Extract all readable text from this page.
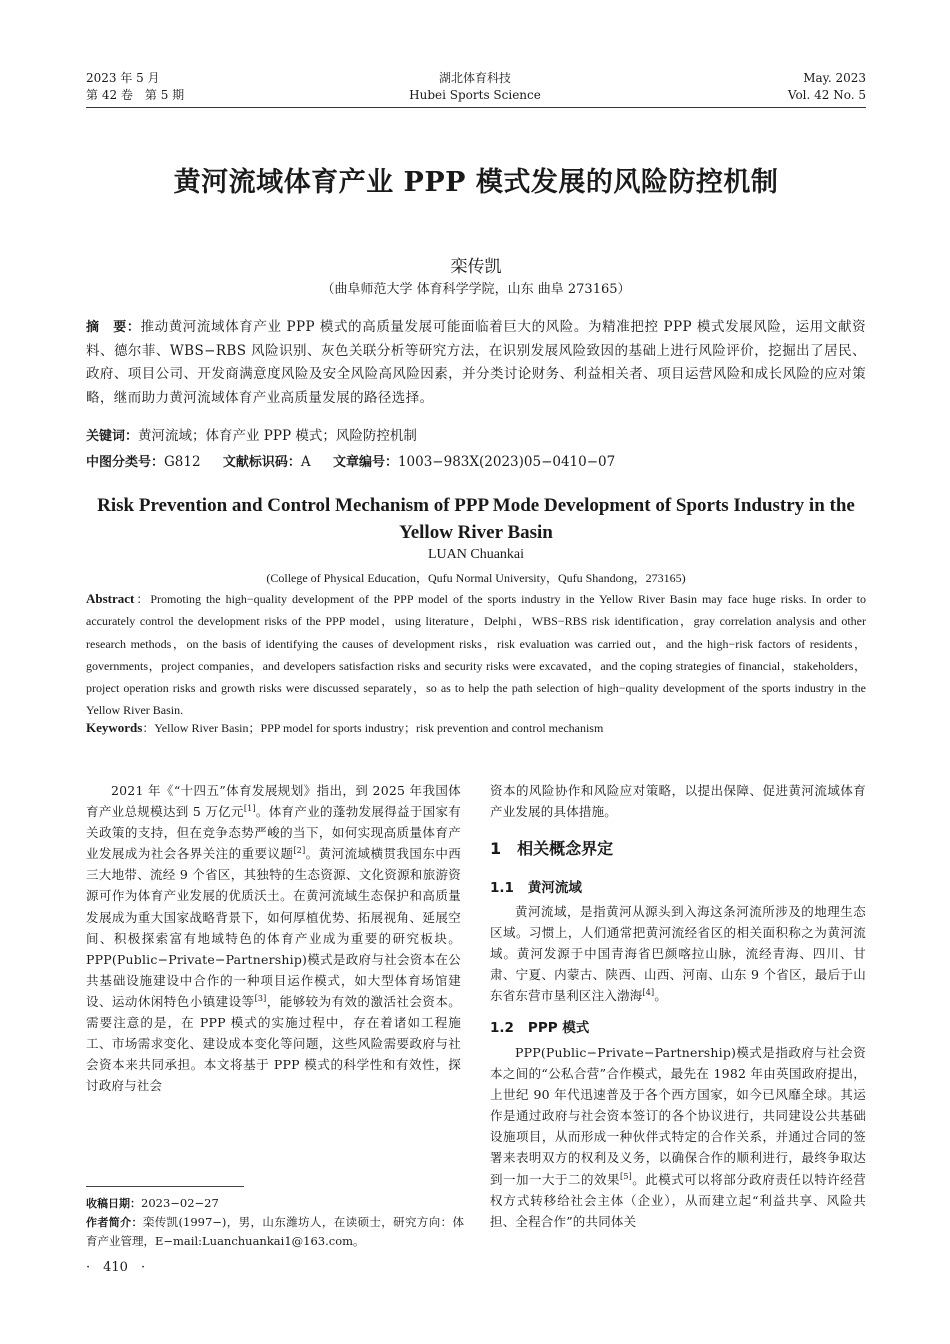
2023 年 5 月
第 42 卷　第 5 期
湖北体育科技
Hubei Sports Science
May. 2023
Vol. 42 No. 5
黄河流域体育产业 PPP 模式发展的风险防控机制
栾传凯
（曲阜师范大学 体育科学学院，山东 曲阜 273165）
摘　要：推动黄河流域体育产业 PPP 模式的高质量发展可能面临着巨大的风险。为精准把控 PPP 模式发展风险，运用文献资料、德尔菲、WBS−RBS 风险识别、灰色关联分析等研究方法，在识别发展风险致因的基础上进行风险评价，挖掘出了居民、政府、项目公司、开发商满意度风险及安全风险高风险因素，并分类讨论财务、利益相关者、项目运营风险和成长风险的应对策略，继而助力黄河流域体育产业高质量发展的路径选择。
关键词：黄河流域；体育产业 PPP 模式；风险防控机制
中图分类号：G812 文献标识码：A 文章编号：1003−983X(2023)05−0410−07
Risk Prevention and Control Mechanism of PPP Mode Development of Sports Industry in the Yellow River Basin
LUAN Chuankai
(College of Physical Education，Qufu Normal University，Qufu Shandong，273165)
Abstract：Promoting the high−quality development of the PPP model of the sports industry in the Yellow River Basin may face huge risks. In order to accurately control the development risks of the PPP model，using literature，Delphi，WBS−RBS risk identification，gray correlation analysis and other research methods，on the basis of identifying the causes of development risks，risk evaluation was carried out，and the high−risk factors of residents，governments，project companies，and developers satisfaction risks and security risks were excavated，and the coping strategies of financial，stakeholders，project operation risks and growth risks were discussed separately，so as to help the path selection of high−quality development of the sports industry in the Yellow River Basin.
Keywords：Yellow River Basin；PPP model for sports industry；risk prevention and control mechanism

2021 年《“十四五”体育发展规划》指出，到 2025 年我国体育产业总规模达到 5 万亿元[1]。体育产业的蓬勃发展得益于国家有关政策的支持，但在竞争态势严峻的当下，如何实现高质量体育产业发展成为社会各界关注的重要议题[2]。黄河流域横贯我国东中西三大地带、流经 9 个省区，其独特的生态资源、文化资源和旅游资源可作为体育产业发展的优质沃土。在黄河流域生态保护和高质量发展成为重大国家战略背景下，如何厚植优势、拓展视角、延展空间、积极探索富有地域特色的体育产业成为重要的研究板块。PPP(Public−Private−Partnership)模式是政府与社会资本在公共基础设施建设中合作的一种项目运作模式，如大型体育场馆建设、运动休闲特色小镇建设等[3]，能够较为有效的激活社会资本。需要注意的是，在 PPP 模式的实施过程中，存在着诸如工程施工、市场需求变化、建设成本变化等问题，这些风险需要政府与社会资本来共同承担。本文将基于 PPP 模式的科学性和有效性，探讨政府与社会

资本的风险协作和风险应对策略，以提出保障、促进黄河流域体育产业发展的具体措施。
1 相关概念界定
1.1 黄河流域

黄河流域，是指黄河从源头到入海这条河流所涉及的地理生态区域。习惯上，人们通常把黄河流经省区的相关面积称之为黄河流域。黄河发源于中国青海省巴颜喀拉山脉，流经青海、四川、甘肃、宁夏、内蒙古、陕西、山西、河南、山东 9 个省区，最后于山东省东营市垦利区注入渤海[4]。

1.2 PPP 模式

PPP(Public−Private−Partnership)模式是指政府与社会资本之间的“公私合营”合作模式，最先在 1982 年由英国政府提出，上世纪 90 年代迅速普及于各个西方国家，如今已风靡全球。其运作是通过政府与社会资本签订的各个协议进行，共同建设公共基础设施项目，从而形成一种伙伴式特定的合作关系，并通过合同的签署来表明双方的权利及义务，以确保合作的顺利进行，最终争取达到一加一大于二的效果[5]。此模式可以将部分政府责任以特许经营权方式转移给社会主体（企业），从而建立起“利益共享、风险共担、全程合作”的共同体关

收稿日期：2023−02−27
作者简介：栾传凯(1997−)，男，山东潍坊人，在读硕士，研究方向：体育产业管理，E−mail:Luanchuankai1@163.com。
·　410　·
